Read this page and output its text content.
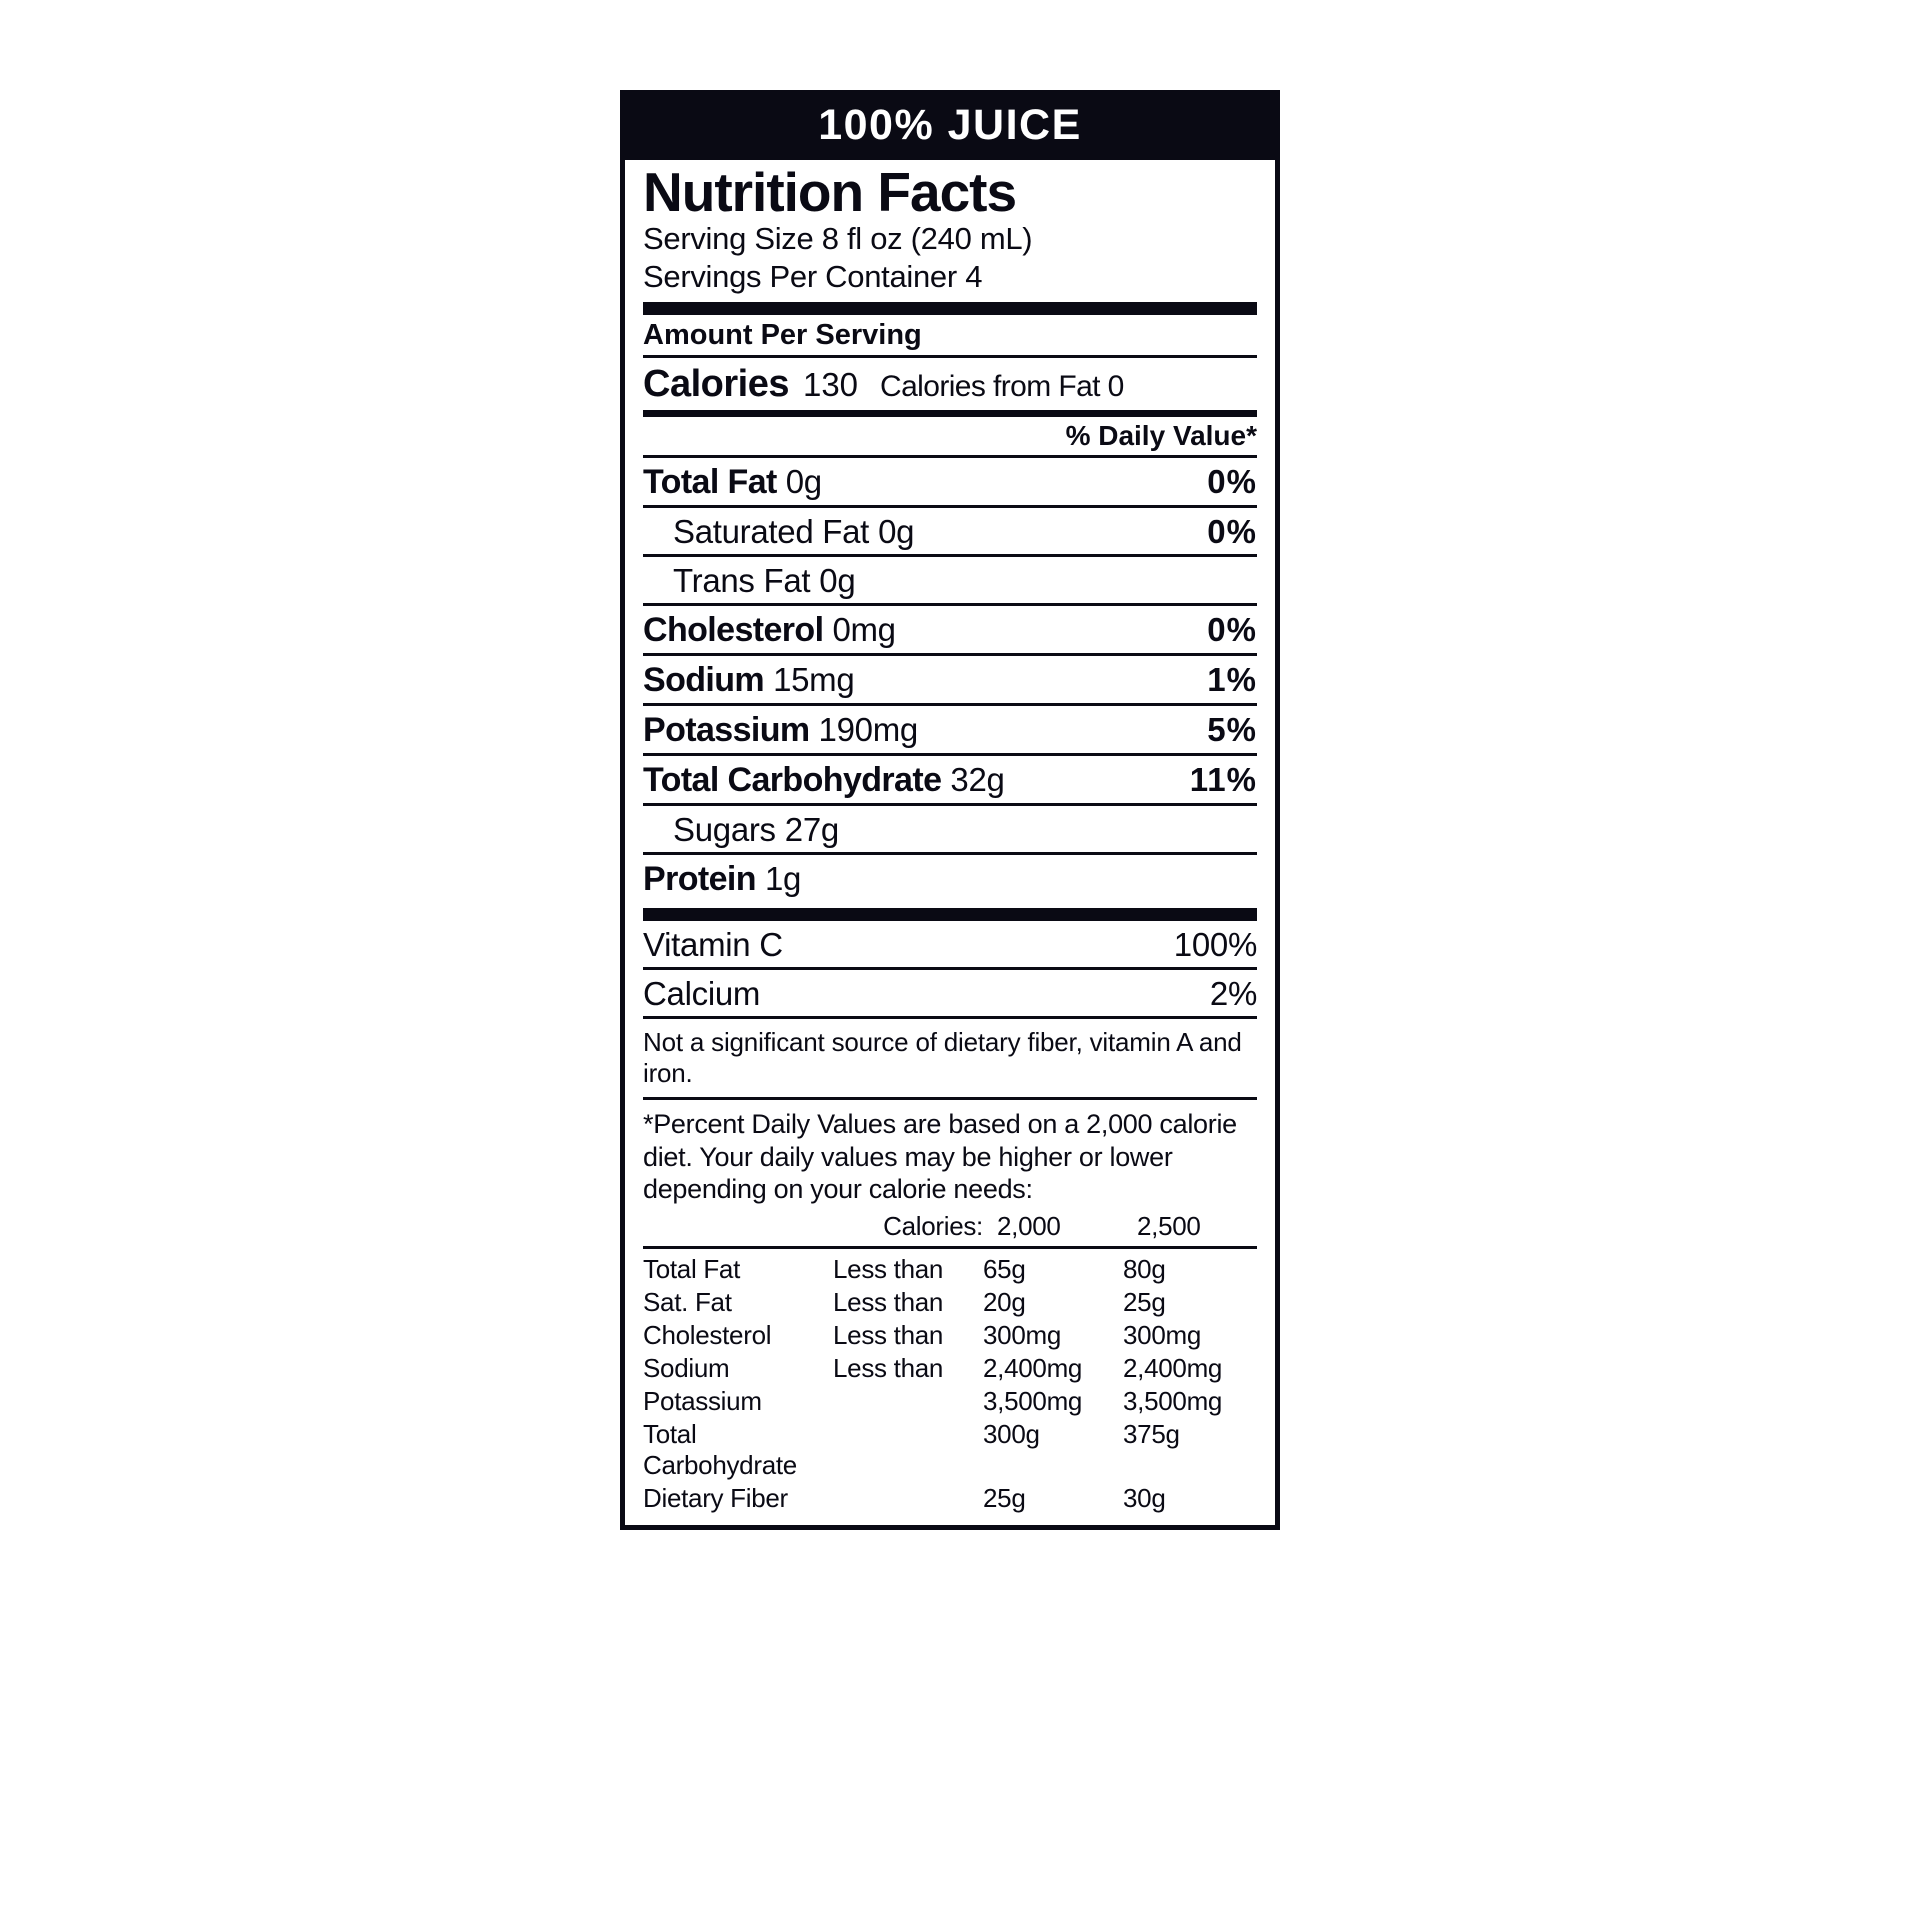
100% JUICE
Nutrition Facts
Serving Size 8 fl oz (240 mL)
Servings Per Container 4
Amount Per Serving
Calories 130 Calories from Fat 0
% Daily Value*
Total Fat 0g	0%
Saturated Fat 0g	0%
Trans Fat 0g
Cholesterol 0mg	0%
Sodium 15mg	1%
Potassium 190mg	5%
Total Carbohydrate 32g	11%
Sugars 27g
Protein 1g
Vitamin C	100%
Calcium	2%
Not a significant source of dietary fiber, vitamin A and iron.
*Percent Daily Values are based on a 2,000 calorie diet. Your daily values may be higher or lower depending on your calorie needs:
	Calories:	2,000	2,500
Total Fat	Less than	65g	80g
Sat. Fat	Less than	20g	25g
Cholesterol	Less than	300mg	300mg
Sodium	Less than	2,400mg	2,400mg
Potassium		3,500mg	3,500mg
Total Carbohydrate		300g	375g
Dietary Fiber		25g	30g
